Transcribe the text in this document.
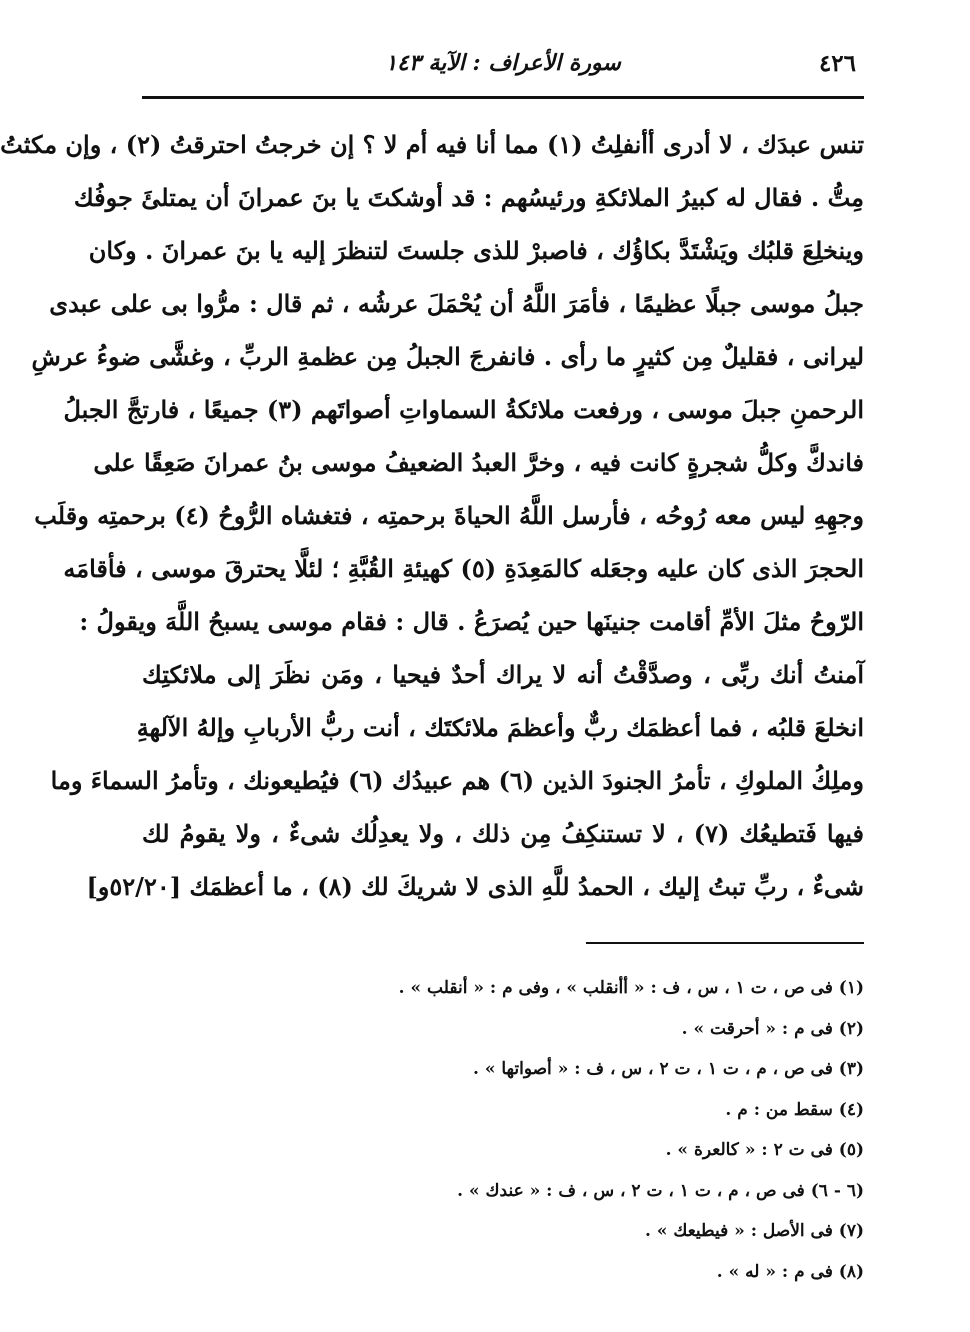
٤٢٦
سورة الأعراف : الآية ١٤٣
تنس عبدَك ، لا أدرى أأنفلِتُ (١) مما أنا فيه أم لا ؟ إن خرجتُ احترقتُ (٢) ، وإن مكثتُ
مِتُّ . فقال له كبيرُ الملائكةِ ورئيسُهم : قد أوشكتَ يا بنَ عمرانَ أن يمتلئَ جوفُك
وينخلِعَ قلبُك ويَشْتَدَّ بكاؤُك ، فاصبرْ للذى جلستَ لتنظرَ إليه يا بنَ عمرانَ . وكان
جبلُ موسى جبلًا عظيمًا ، فأمَرَ اللَّهُ أن يُحْمَلَ عرشُه ، ثم قال : مرُّوا بى على عبدى
ليرانى ، فقليلٌ مِن كثيرٍ ما رأى . فانفرجَ الجبلُ مِن عظمةِ الربِّ ، وغشَّى ضوءُ عرشِ
الرحمنِ جبلَ موسى ، ورفعت ملائكةُ السماواتِ أصواتَهم (٣) جميعًا ، فارتجَّ الجبلُ
فاندكَّ وكلُّ شجرةٍ كانت فيه ، وخرَّ العبدُ الضعيفُ موسى بنُ عمرانَ صَعِقًا على
وجهِهِ ليس معه رُوحُه ، فأرسل اللَّهُ الحياةَ برحمتِه ، فتغشاه الرُّوحُ (٤) برحمتِه وقلَب
الحجرَ الذى كان عليه وجعَله كالمَعِدَةِ (٥) كهيئةِ القُبَّةِ ؛ لئلَّا يحترقَ موسى ، فأقامَه
الرّوحُ مثلَ الأمِّ أقامت جنينَها حين يُصرَعُ . قال : فقام موسى يسبحُ اللَّهَ ويقولُ :
آمنتُ أنك ربِّى ، وصدَّقْتُ أنه لا يراك أحدٌ فيحيا ، ومَن نظَرَ إلى ملائكتِك
انخلعَ قلبُه ، فما أعظمَك ربٌّ وأعظمَ ملائكتَك ، أنت ربُّ الأربابِ وإلهُ الآلهةِ
وملِكُ الملوكِ ، تأمرُ الجنودَ الذين (٦) هم عبيدُك (٦) فيُطيعونك ، وتأمرُ السماءَ وما
فيها فَتطيعُك (٧) ، لا تستنكِفُ مِن ذلك ، ولا يعدِلُك شىءٌ ، ولا يقومُ لك
شىءٌ ، ربِّ تبتُ إليك ، الحمدُ للَّهِ الذى لا شريكَ لك (٨) ، ما أعظمَك [٥٢/٢٠و]
(١) فى ص ، ت ١ ، س ، ف : « أأنقلب » ، وفى م : « أنقلب » .
(٢) فى م : « أحرقت » .
(٣) فى ص ، م ، ت ١ ، ت ٢ ، س ، ف : « أصواتها » .
(٤) سقط من : م .
(٥) فى ت ٢ : « كالعرة » .
(٦ - ٦) فى ص ، م ، ت ١ ، ت ٢ ، س ، ف : « عندك » .
(٧) فى الأصل : « فيطيعك » .
(٨) فى م : « له » .
